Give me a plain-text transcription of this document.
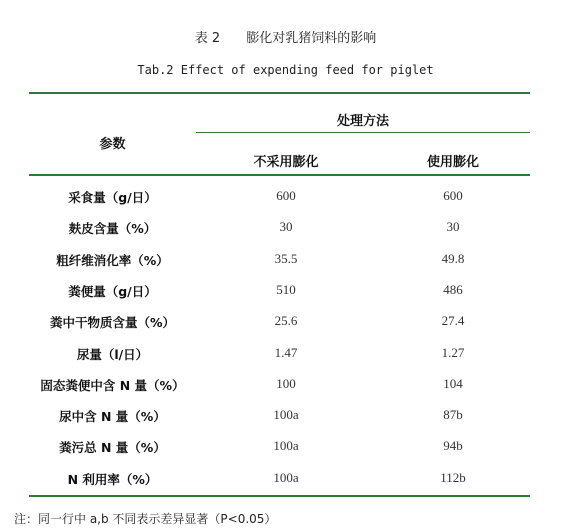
表 2 膨化对乳猪饲料的影响
Tab.2 Effect of expending feed for piglet
处理方法
参数
不采用膨化	使用膨化
采食量（g/日）	600	600
麸皮含量（%）	30	30
粗纤维消化率（%）	35.5	49.8
粪便量（g/日）	510	486
粪中干物质含量（%）	25.6	27.4
尿量（l/日）	1.47	1.27
固态粪便中含 N 量（%）	100	104
尿中含 N 量（%）	100a	87b
粪污总 N 量（%）	100a	94b
N 利用率（%）	100a	112b
注：同一行中 a,b 不同表示差异显著（P<0.05）
